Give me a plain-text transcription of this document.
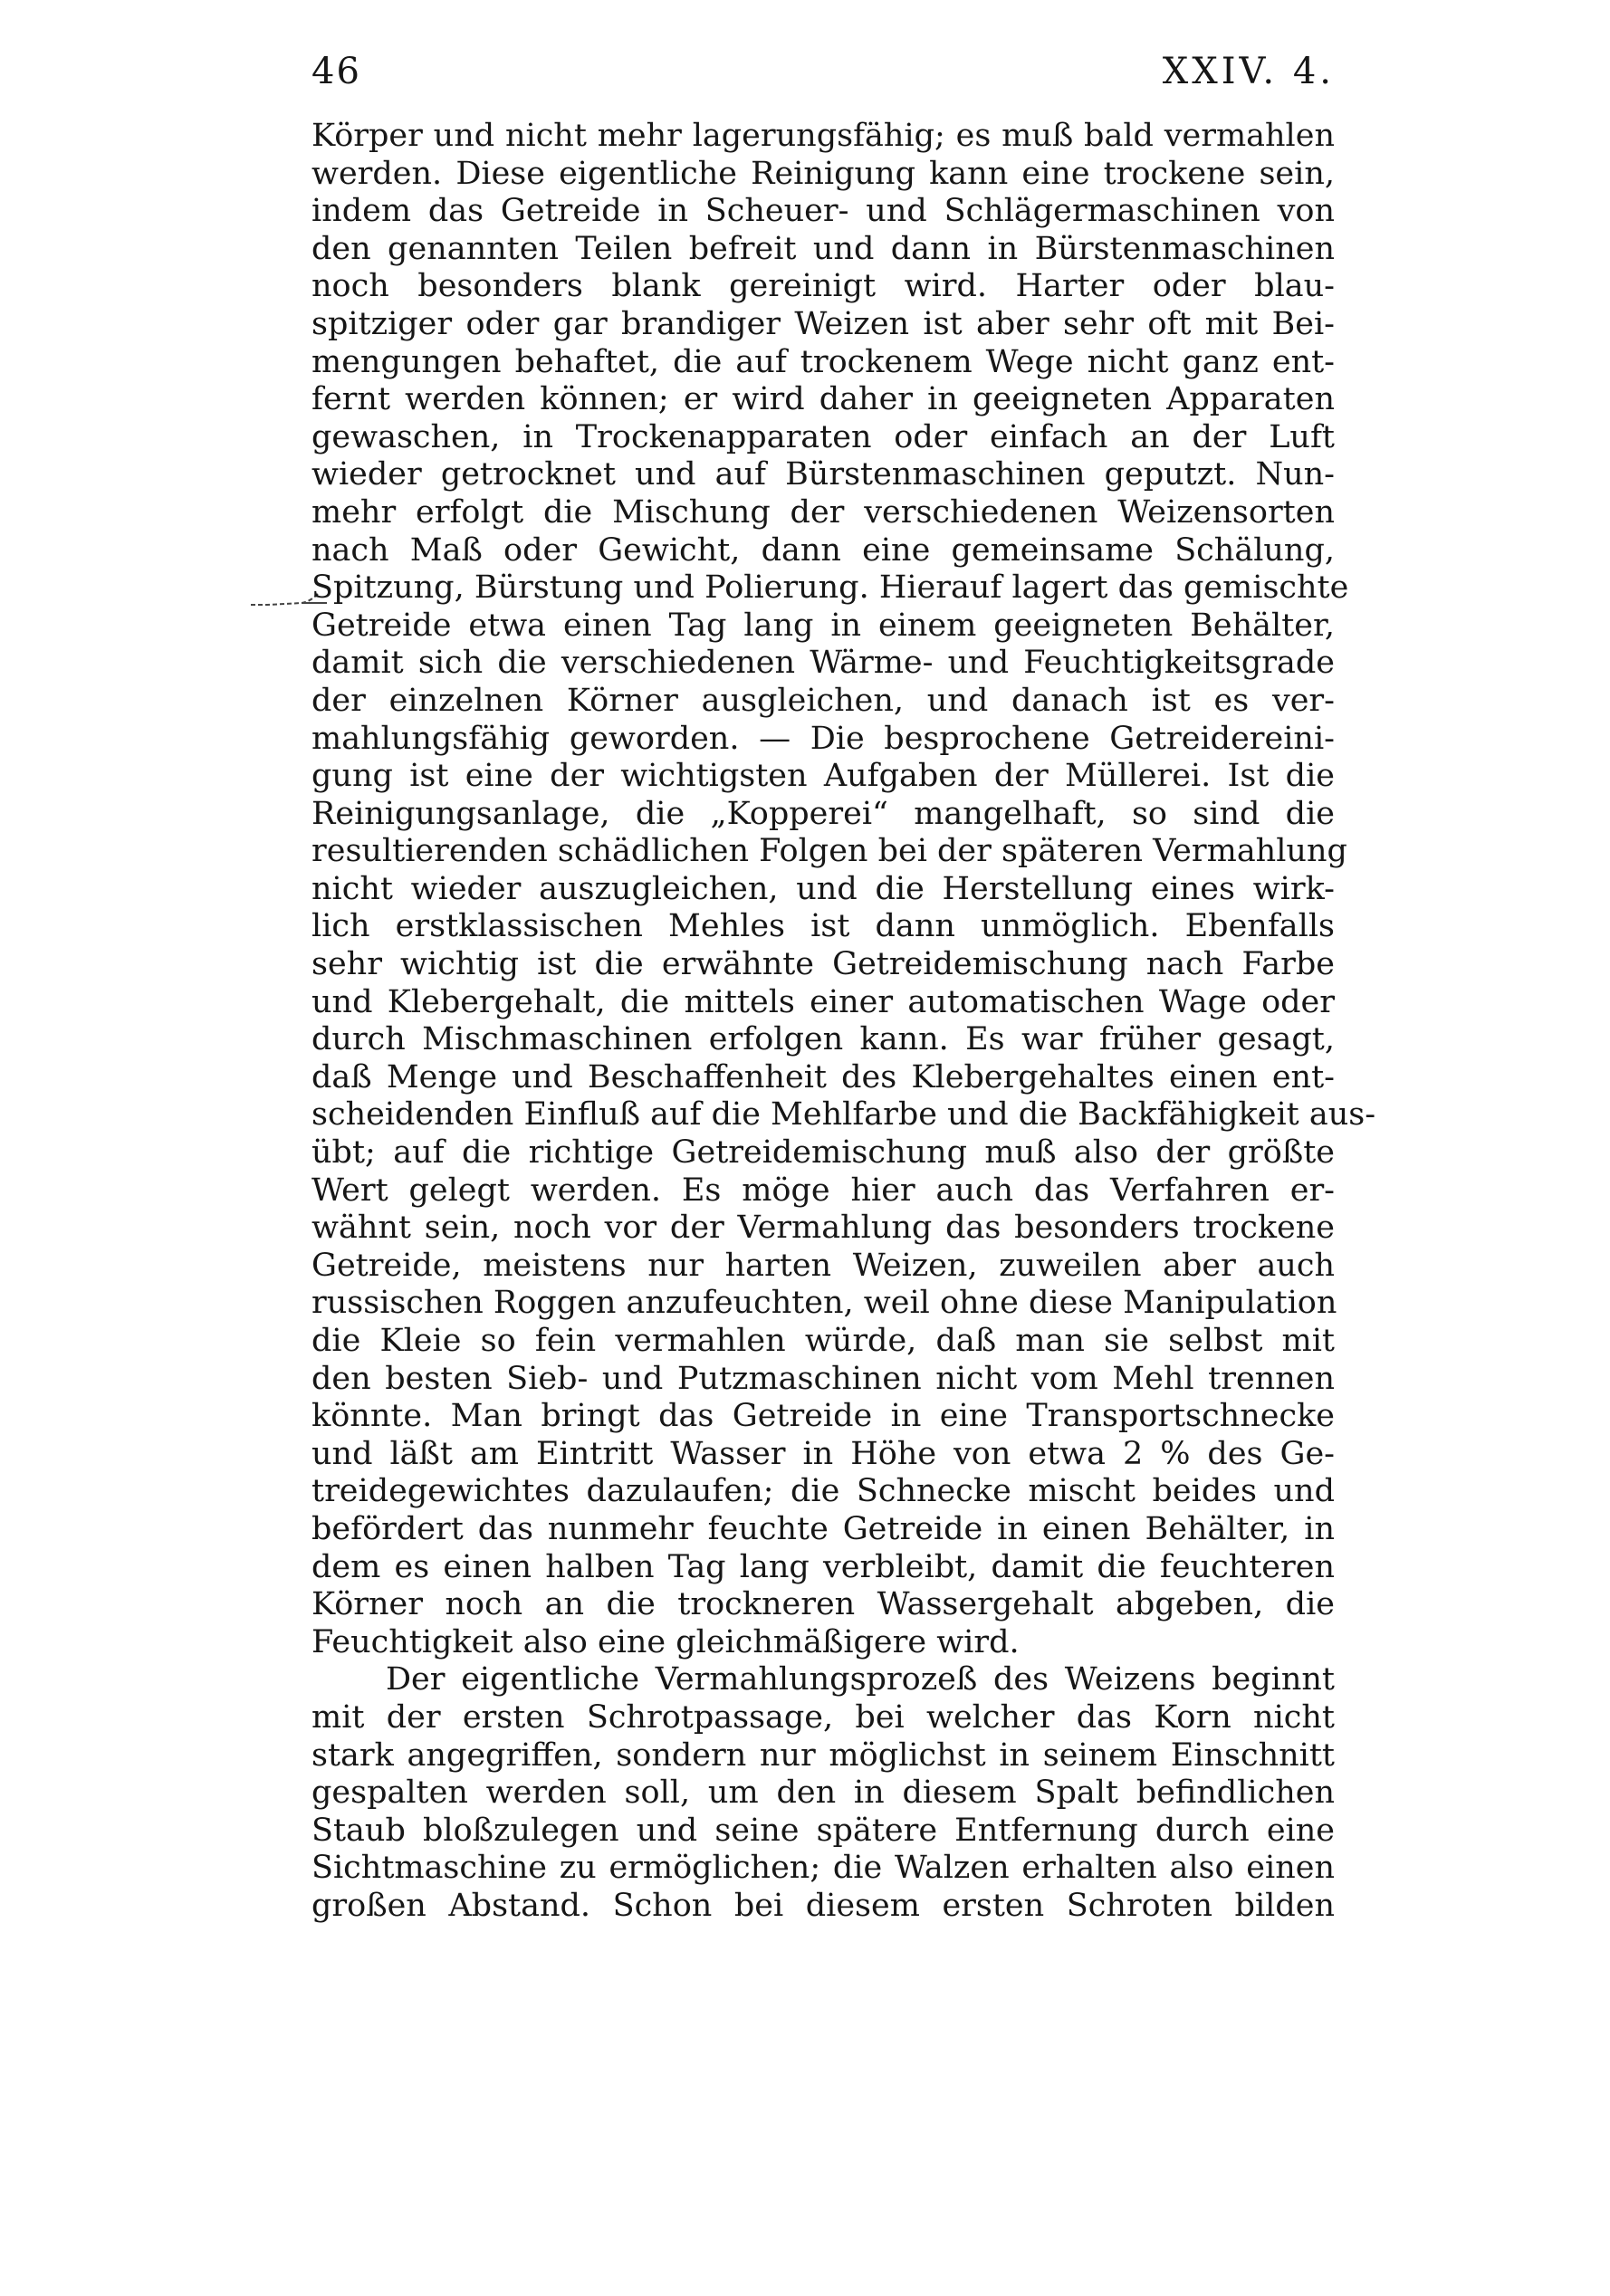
46	XXIV. 4.
Körper und nicht mehr lagerungsfähig; es muß bald vermahlen
werden. Diese eigentliche Reinigung kann eine trockene sein,
indem das Getreide in Scheuer- und Schlägermaschinen von
den genannten Teilen befreit und dann in Bürstenmaschinen
noch besonders blank gereinigt wird. Harter oder blau-
spitziger oder gar brandiger Weizen ist aber sehr oft mit Bei-
mengungen behaftet, die auf trockenem Wege nicht ganz ent-
fernt werden können; er wird daher in geeigneten Apparaten
gewaschen, in Trockenapparaten oder einfach an der Luft
wieder getrocknet und auf Bürstenmaschinen geputzt. Nun-
mehr erfolgt die Mischung der verschiedenen Weizensorten
nach Maß oder Gewicht, dann eine gemeinsame Schälung,
Spitzung, Bürstung und Polierung. Hierauf lagert das gemischte
Getreide etwa einen Tag lang in einem geeigneten Behälter,
damit sich die verschiedenen Wärme- und Feuchtigkeitsgrade
der einzelnen Körner ausgleichen, und danach ist es ver-
mahlungsfähig geworden. — Die besprochene Getreidereini-
gung ist eine der wichtigsten Aufgaben der Müllerei. Ist die
Reinigungsanlage, die „Kopperei“ mangelhaft, so sind die
resultierenden schädlichen Folgen bei der späteren Vermahlung
nicht wieder auszugleichen, und die Herstellung eines wirk-
lich erstklassischen Mehles ist dann unmöglich. Ebenfalls
sehr wichtig ist die erwähnte Getreidemischung nach Farbe
und Klebergehalt, die mittels einer automatischen Wage oder
durch Mischmaschinen erfolgen kann. Es war früher gesagt,
daß Menge und Beschaffenheit des Klebergehaltes einen ent-
scheidenden Einfluß auf die Mehlfarbe und die Backfähigkeit aus-
übt; auf die richtige Getreidemischung muß also der größte
Wert gelegt werden. Es möge hier auch das Verfahren er-
wähnt sein, noch vor der Vermahlung das besonders trockene
Getreide, meistens nur harten Weizen, zuweilen aber auch
russischen Roggen anzufeuchten, weil ohne diese Manipulation
die Kleie so fein vermahlen würde, daß man sie selbst mit
den besten Sieb- und Putzmaschinen nicht vom Mehl trennen
könnte. Man bringt das Getreide in eine Transportschnecke
und läßt am Eintritt Wasser in Höhe von etwa 2 % des Ge-
treidegewichtes dazulaufen; die Schnecke mischt beides und
befördert das nunmehr feuchte Getreide in einen Behälter, in
dem es einen halben Tag lang verbleibt, damit die feuchteren
Körner noch an die trockneren Wassergehalt abgeben, die
Feuchtigkeit also eine gleichmäßigere wird.
Der eigentliche Vermahlungsprozeß des Weizens beginnt
mit der ersten Schrotpassage, bei welcher das Korn nicht
stark angegriffen, sondern nur möglichst in seinem Einschnitt
gespalten werden soll, um den in diesem Spalt befindlichen
Staub bloßzulegen und seine spätere Entfernung durch eine
Sichtmaschine zu ermöglichen; die Walzen erhalten also einen
großen Abstand. Schon bei diesem ersten Schroten bilden
